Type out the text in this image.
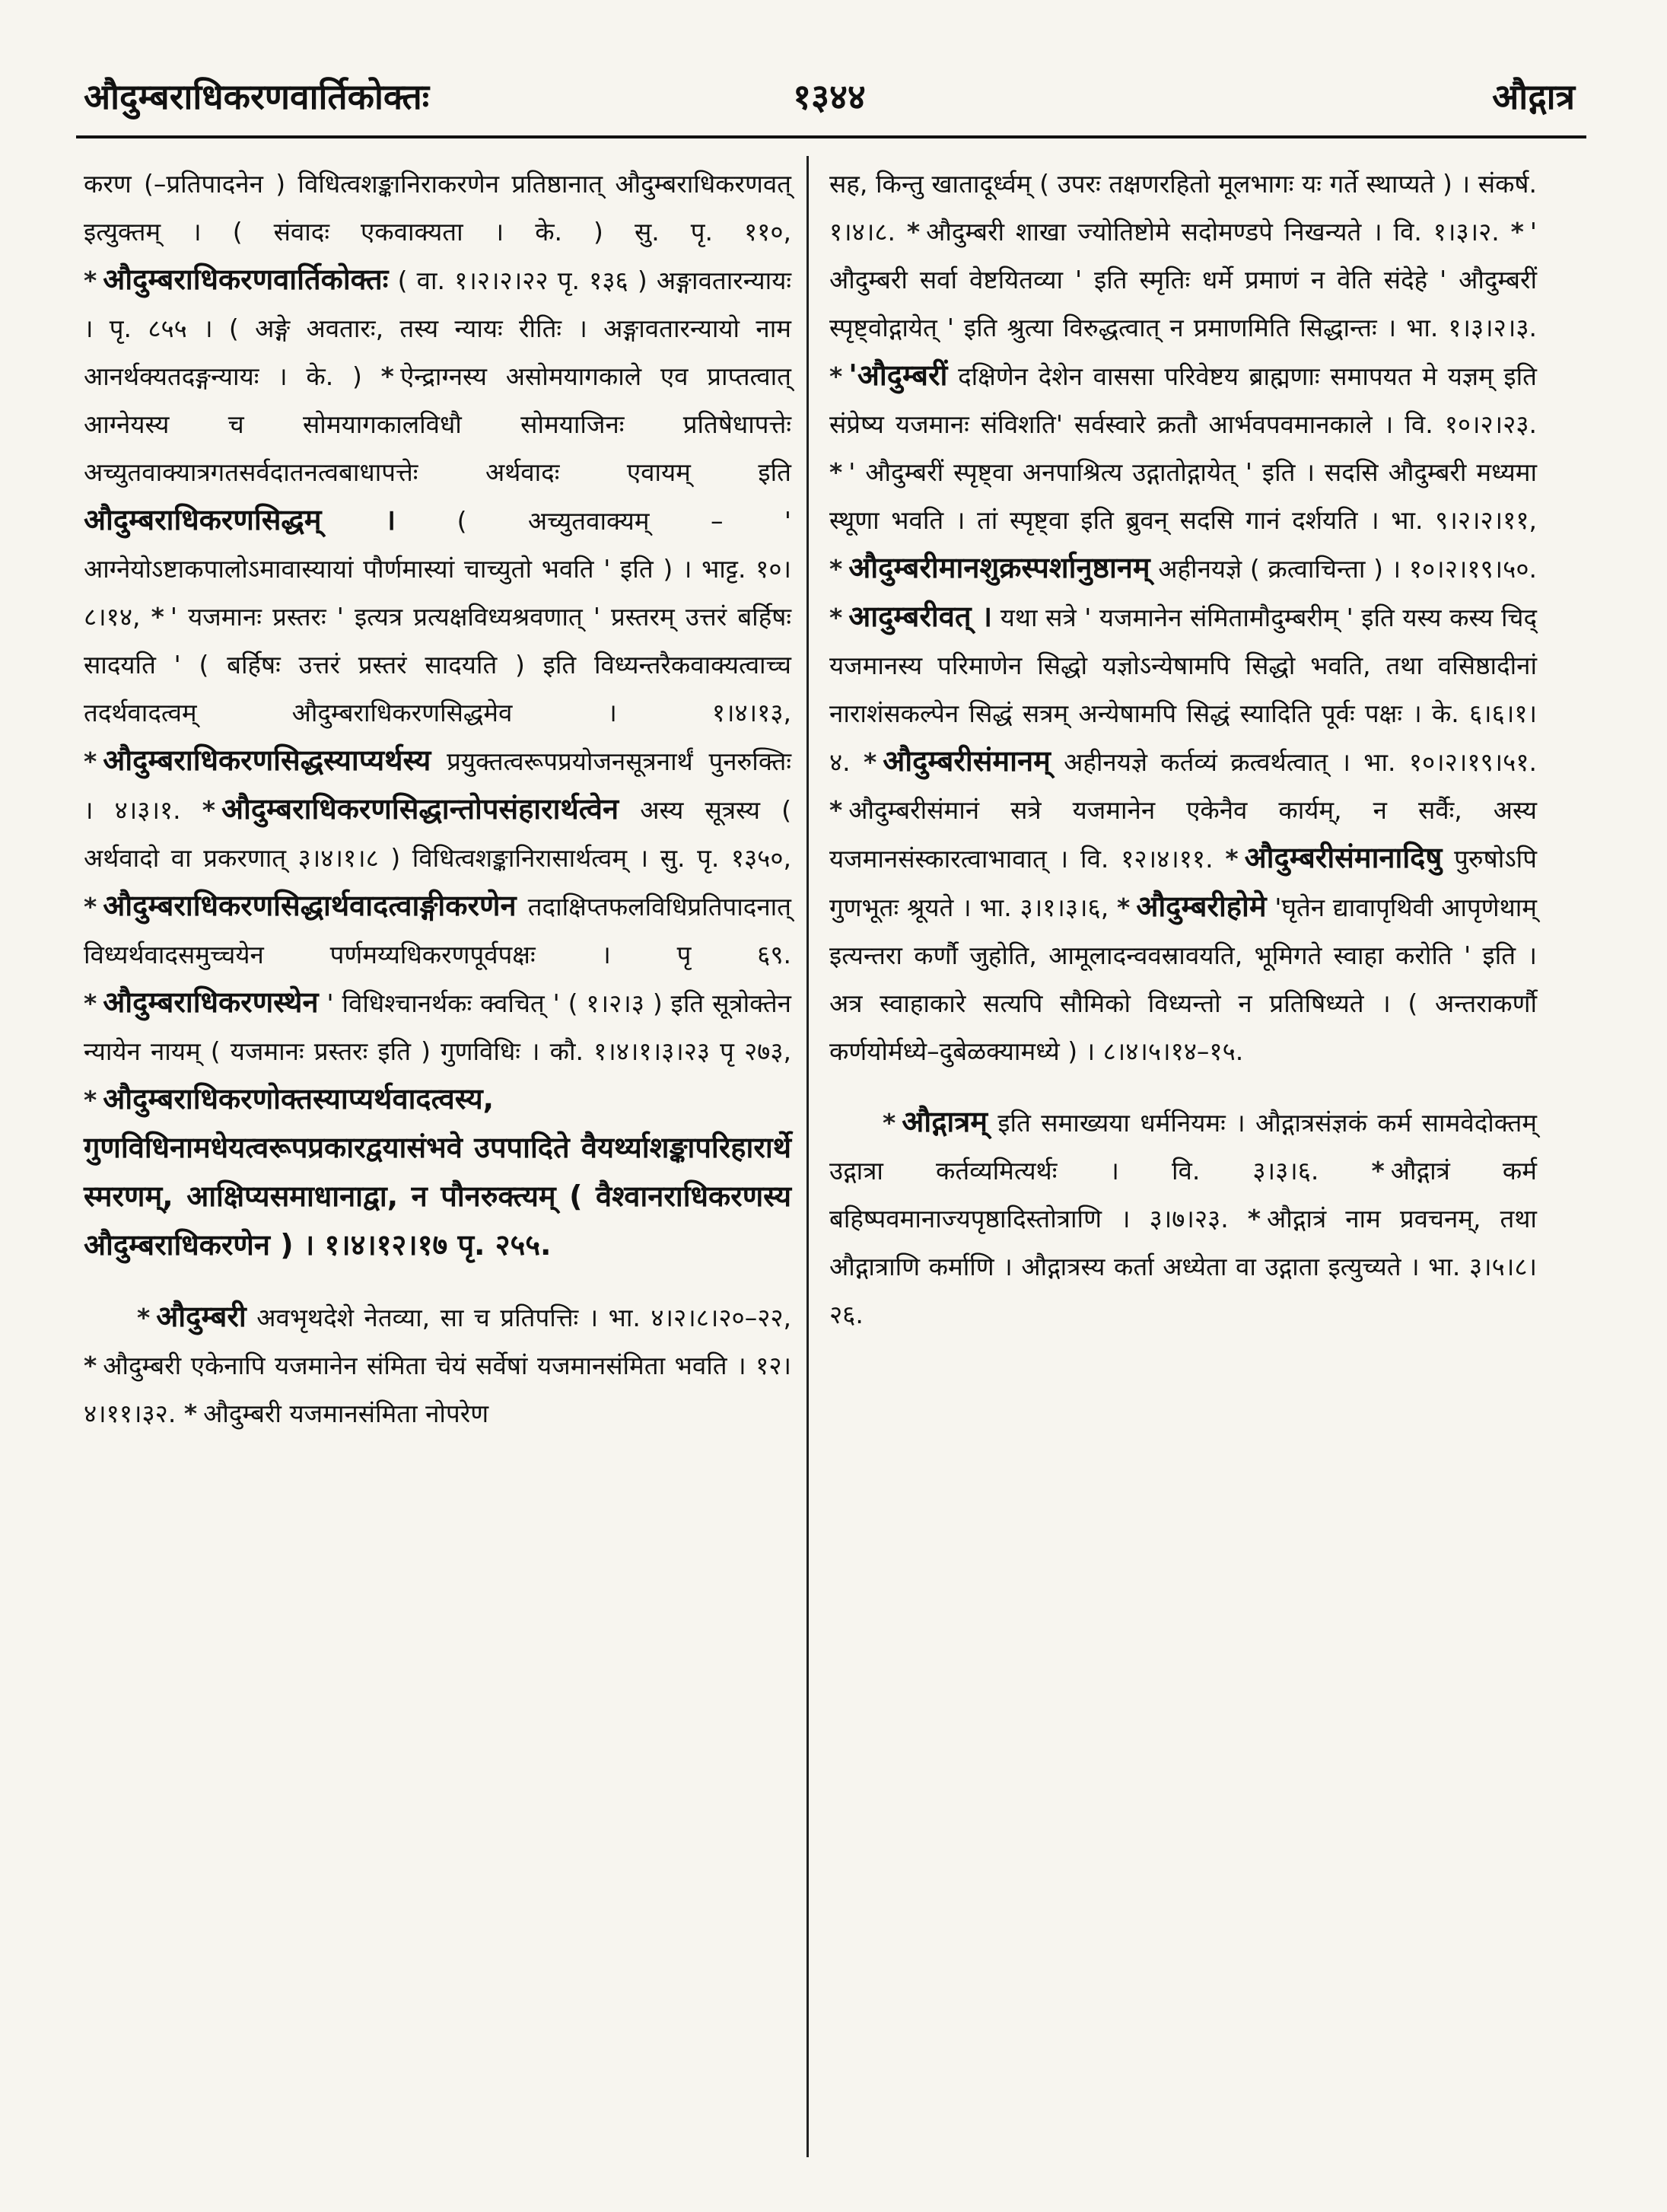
औदुम्बराधिकरणवार्तिकोक्तः	१३४४	औद्गात्र

करण (–प्रतिपादनेन ) विधित्वशङ्कानिराकरणेन प्रतिष्ठानात् औदुम्बराधिकरणवत् इत्युक्तम् । ( संवादः एकवाक्यता । के. ) सु. पृ. ११०, * औदुम्बराधिकरणवार्तिकोक्तः ( वा. १।२।२।२२ पृ. १३६ ) अङ्गावतारन्यायः । पृ. ८५५ । ( अङ्गे अवतारः, तस्य न्यायः रीतिः । अङ्गावतारन्यायो नाम आनर्थक्यतदङ्गन्यायः । के. ) * ऐन्द्राग्नस्य असोमयागकाले एव प्राप्तत्वात् आग्नेयस्य च सोमयागकालविधौ सोमयाजिनः प्रतिषेधापत्तेः अच्युतवाक्यात्रगतसर्वदातनत्वबाधापत्तेः अर्थवादः एवायम् इति औदुम्बराधिकरणसिद्धम् । ( अच्युतवाक्यम् – ' आग्नेयोऽष्टाकपालोऽमावास्यायां पौर्णमास्यां चाच्युतो भवति ' इति ) । भाट्ट. १०।८।१४, * ' यजमानः प्रस्तरः ' इत्यत्र प्रत्यक्षविध्यश्रवणात् ' प्रस्तरम् उत्तरं बर्हिषः सादयति ' ( बर्हिषः उत्तरं प्रस्तरं सादयति ) इति विध्यन्तरैकवाक्यत्वाच्च तदर्थवादत्वम् औदुम्बराधिकरणसिद्धमेव । १।४।१३, * औदुम्बराधिकरणसिद्धस्याप्यर्थस्य प्रयुक्तत्वरूपप्रयोजनसूत्रनार्थं पुनरुक्तिः । ४।३।१. * औदुम्बराधिकरणसिद्धान्तोपसंहारार्थत्वेन अस्य सूत्रस्य ( अर्थवादो वा प्रकरणात् ३।४।१।८ ) विधित्वशङ्कानिरासार्थत्वम् । सु. पृ. १३५०, * औदुम्बराधिकरणसिद्धार्थवादत्वाङ्गीकरणेन तदाक्षिप्तफलविधिप्रतिपादनात् विध्यर्थवादसमुच्चयेन पर्णमय्यधिकरणपूर्वपक्षः । पृ ६९. * औदुम्बराधिकरणस्थेन ' विधिश्चानर्थकः क्वचित् ' ( १।२।३ ) इति सूत्रोक्तेन न्यायेन नायम् ( यजमानः प्रस्तरः इति ) गुणविधिः । कौ. १।४।१।३।२३ पृ २७३, * औदुम्बराधिकरणोक्तस्याप्यर्थवादत्वस्य, गुणविधिनामधेयत्वरूपप्रकारद्वयासंभवे उपपादिते वैयर्थ्याशङ्कापरिहारार्थे स्मरणम्, आक्षिप्यसमाधानाद्वा, न पौनरुक्त्यम् ( वैश्वानराधिकरणस्य औदुम्बराधिकरणेन ) । १।४।१२।१७ पृ. २५५.

* औदुम्बरी अवभृथदेशे नेतव्या, सा च प्रतिपत्तिः । भा. ४।२।८।२०–२२, * औदुम्बरी एकेनापि यजमानेन संमिता चेयं सर्वेषां यजमानसंमिता भवति । १२।४।११।३२. * औदुम्बरी यजमानसंमिता नोपरेण

सह, किन्तु खातादूर्ध्वम् ( उपरः तक्षणरहितो मूलभागः यः गर्ते स्थाप्यते ) । संकर्ष. १।४।८. * औदुम्बरी शाखा ज्योतिष्टोमे सदोमण्डपे निखन्यते । वि. १।३।२. * ' औदुम्बरी सर्वा वेष्टयितव्या ' इति स्मृतिः धर्मे प्रमाणं न वेति संदेहे ' औदुम्बरीं स्पृष्ट्वोद्गायेत् ' इति श्रुत्या विरुद्धत्वात् न प्रमाणमिति सिद्धान्तः । भा. १।३।२।३. * 'औदुम्बरीं दक्षिणेन देशेन वाससा परिवेष्टय ब्राह्मणाः समापयत मे यज्ञम् इति संप्रेष्य यजमानः संविशति' सर्वस्वारे क्रतौ आर्भवपवमानकाले । वि. १०।२।२३. * ' औदुम्बरीं स्पृष्ट्वा अनपाश्रित्य उद्गातोद्गायेत् ' इति । सदसि औदुम्बरी मध्यमा स्थूणा भवति । तां स्पृष्ट्वा इति ब्रुवन् सदसि गानं दर्शयति । भा. ९।२।२।११, * औदुम्बरीमानशुक्रस्पर्शानुष्ठानम् अहीनयज्ञे ( क्रत्वाचिन्ता ) । १०।२।१९।५०. * आदुम्बरीवत् । यथा सत्रे ' यजमानेन संमितामौदुम्बरीम् ' इति यस्य कस्य चिद् यजमानस्य परिमाणेन सिद्धो यज्ञोऽन्येषामपि सिद्धो भवति, तथा वसिष्ठादीनां नाराशंसकल्पेन सिद्धं सत्रम् अन्येषामपि सिद्धं स्यादिति पूर्वः पक्षः । के. ६।६।१।४. * औदुम्बरीसंमानम् अहीनयज्ञे कर्तव्यं क्रत्वर्थत्वात् । भा. १०।२।१९।५१. * औदुम्बरीसंमानं सत्रे यजमानेन एकेनैव कार्यम्, न सर्वैः, अस्य यजमानसंस्कारत्वाभावात् । वि. १२।४।११. * औदुम्बरीसंमानादिषु पुरुषोऽपि गुणभूतः श्रूयते । भा. ३।१।३।६, * औदुम्बरीहोमे 'घृतेन द्यावापृथिवी आपृणेथाम् इत्यन्तरा कर्णौ जुहोति, आमूलादन्ववस्रावयति, भूमिगते स्वाहा करोति ' इति । अत्र स्वाहाकारे सत्यपि सौमिको विध्यन्तो न प्रतिषिध्यते । ( अन्तराकर्णौ कर्णयोर्मध्ये–दुबेळक्यामध्ये ) । ८।४।५।१४–१५.

* औद्गात्रम् इति समाख्यया धर्मनियमः । औद्गात्रसंज्ञकं कर्म सामवेदोक्तम् उद्गात्रा कर्तव्यमित्यर्थः । वि. ३।३।६. * औद्गात्रं कर्म बहिष्पवमानाज्यपृष्ठादिस्तोत्राणि । ३।७।२३. * औद्गात्रं नाम प्रवचनम्, तथा औद्गात्राणि कर्माणि । औद्गात्रस्य कर्ता अध्येता वा उद्गाता इत्युच्यते । भा. ३।५।८।२६.
